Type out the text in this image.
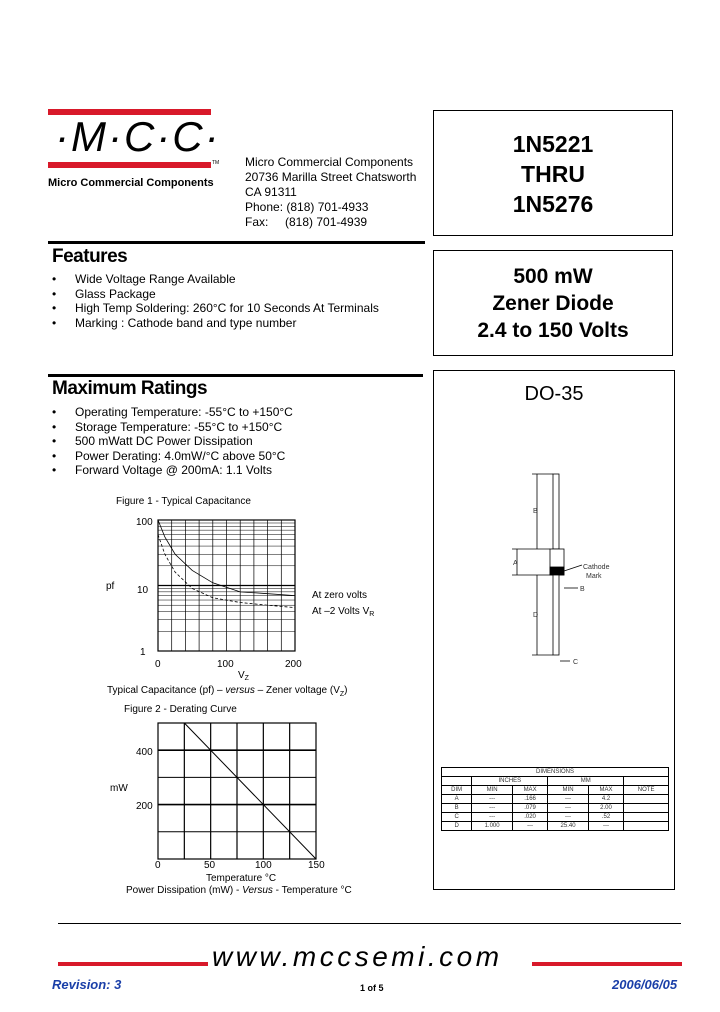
·M·C·C·
TM
Micro Commercial Components
Micro Commercial Components
20736 Marilla Street Chatsworth
CA 91311
Phone: (818) 701-4933
Fax:     (818) 701-4939
1N5221
THRU
1N5276
500 mW
Zener Diode
2.4 to 150 Volts
DO-35
B
A
D
B
C
Cathode
Mark
DIMENSIONS					
	INCHES		MM		
DIM	MIN	MAX	MIN	MAX	NOTE
A	---	.166	---	4.2	
B	---	.079	---	2.00	
C	---	.020	---	.52	
D	1.000	---	25.40	---	
Features
• Wide Voltage Range Available
• Glass Package
• High Temp Soldering: 260°C for 10 Seconds At Terminals
• Marking : Cathode band and type number
Maximum Ratings
• Operating Temperature: -55°C to +150°C
• Storage Temperature: -55°C to +150°C
• 500 mWatt DC Power Dissipation
• Power Derating: 4.0mW/°C above 50°C
• Forward Voltage @ 200mA: 1.1 Volts
Figure 1 - Typical Capacitance
100
10
1
pf
0	100	200
$V_Z$
At zero volts
At –2 Volts $V_R$
Typical Capacitance (pf) – versus – Zener voltage $(V_Z)$
Figure 2 - Derating Curve
400
200
mW
0	50	100	150
Temperature °C
Power Dissipation (mW) - Versus - Temperature °C
www.mccsemi.com
Revision: 3	1 of 5	2006/06/05
